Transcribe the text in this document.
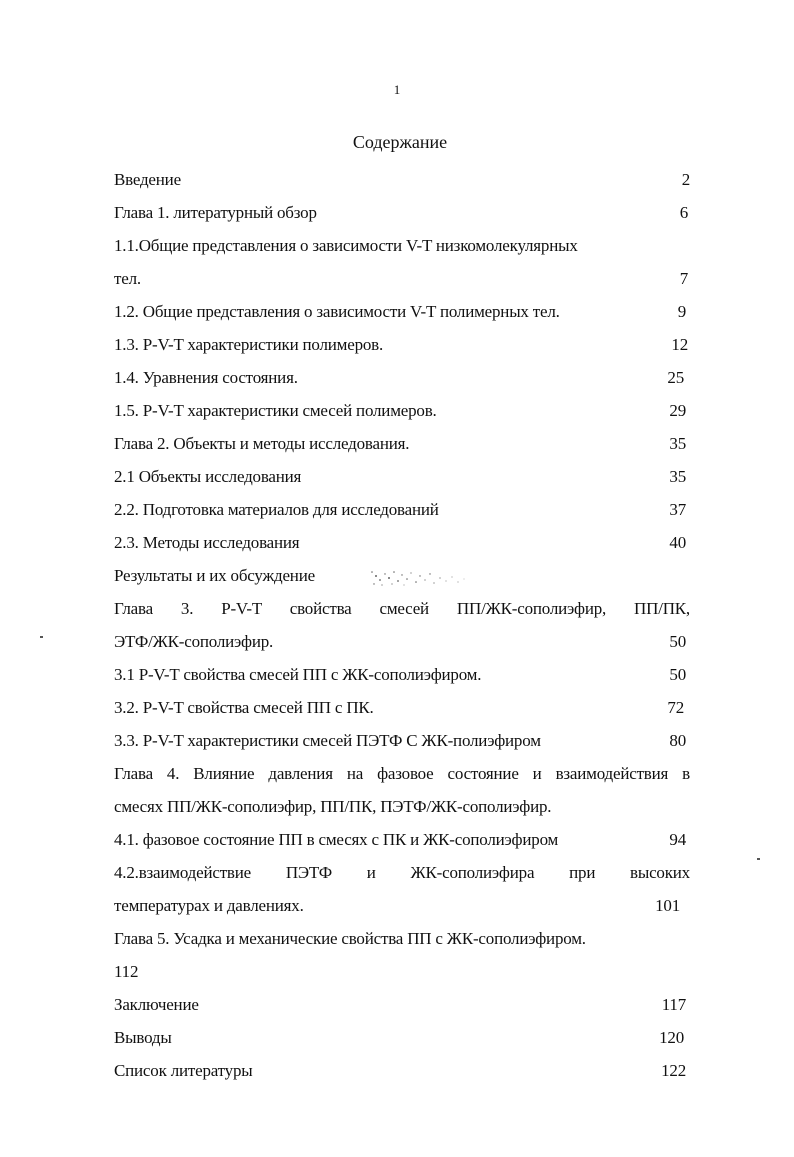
1
Содержание
Введение	2
Глава 1. литературный обзор	6
1.1.Общие представления о зависимости V-T низкомолекулярных
тел.	7
1.2. Общие представления о зависимости V-T полимерных тел.	9
1.3. P-V-T характеристики полимеров.	12
1.4. Уравнения состояния.	25
1.5. P-V-T характеристики смесей полимеров.	29
Глава 2. Объекты и методы исследования.	35
2.1 Объекты исследования	35
2.2. Подготовка материалов для исследований	37
2.3. Методы исследования	40
Результаты и их обсуждение
Глава 3. P-V-T свойства смесей ПП/ЖК-сополиэфир, ПП/ПК,
ЭТФ/ЖК-сополиэфир.	50
3.1 P-V-T свойства смесей ПП с ЖК-сополиэфиром.	50
3.2. P-V-T свойства смесей ПП с ПК.	72
3.3. P-V-T характеристики смесей ПЭТФ С ЖК-полиэфиром	80
Глава 4. Влияние давления на фазовое состояние и взаимодействия в
смесях ПП/ЖК-сополиэфир, ПП/ПК, ПЭТФ/ЖК-сополиэфир.
4.1. фазовое состояние ПП в смесях с ПК и ЖК-сополиэфиром	94
4.2.взаимодействие ПЭТФ и ЖК-сополиэфира при высоких
температурах и давлениях.	101
Глава 5. Усадка и механические свойства ПП с ЖК-сополиэфиром.
112
Заключение	117
Выводы	120
Список литературы	122
